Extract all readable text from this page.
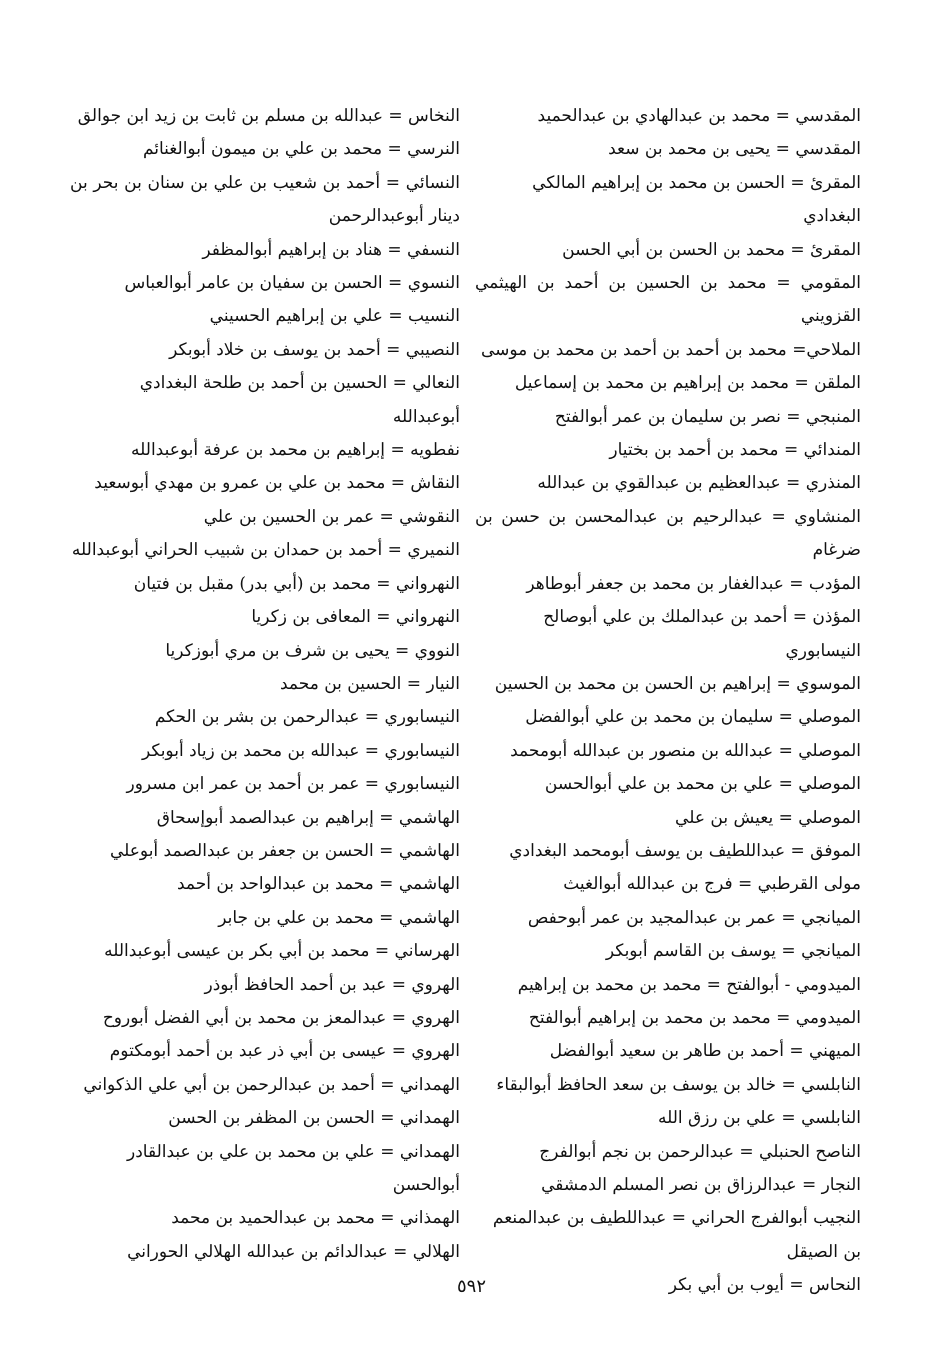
المقدسي = محمد بن عبدالهادي بن عبدالحميد

المقدسي = يحيى بن محمد بن سعد

المقرئ = الحسن بن محمد بن إبراهيم المالكي البغدادي

المقرئ = محمد بن الحسن بن أبي الحسن

المقومي = محمد بن الحسين بن أحمد بن الهيثمي القزويني

الملاحي= محمد بن أحمد بن أحمد بن محمد بن موسى

الملقن = محمد بن إبراهيم بن محمد بن إسماعيل

المنبجي = نصر بن سليمان بن عمر أبوالفتح

المندائي = محمد بن أحمد بن بختيار

المنذري = عبدالعظيم بن عبدالقوي بن عبدالله

المنشاوي = عبدالرحيم بن عبدالمحسن بن حسن بن ضرغام

المؤدب = عبدالغفار بن محمد بن جعفر أبوطاهر

المؤذن = أحمد بن عبدالملك بن علي أبوصالح النيسابوري

الموسوي = إبراهيم بن الحسن بن محمد بن الحسين

الموصلي = سليمان بن محمد بن علي أبوالفضل

الموصلي = عبدالله بن منصور بن عبدالله أبومحمد

الموصلي = علي بن محمد بن علي أبوالحسن

الموصلي = يعيش بن علي

الموفق = عبداللطيف بن يوسف أبومحمد البغدادي

مولى القرطبي = فرج بن عبدالله أبوالغيث

الميانجي = عمر بن عبدالمجيد بن عمر أبوحفص

الميانجي = يوسف بن القاسم أبوبكر

الميدومي - أبوالفتح = محمد بن محمد بن إبراهيم

الميدومي = محمد بن محمد بن إبراهيم أبوالفتح

الميهني = أحمد بن طاهر بن سعيد أبوالفضل

النابلسي = خالد بن يوسف بن سعد الحافظ أبوالبقاء

النابلسي = علي بن رزق الله

الناصح الحنبلي = عبدالرحمن بن نجم أبوالفرج

النجار = عبدالرزاق بن نصر المسلم الدمشقي

النجيب أبوالفرج الحراني = عبداللطيف بن عبدالمنعم بن الصيقل

النحاس = أيوب بن أبي بكر

النخاس = عبدالله بن مسلم بن ثابت بن زيد ابن جوالق

النرسي = محمد بن علي بن ميمون أبوالغنائم

النسائي = أحمد بن شعيب بن علي بن سنان بن بحر بن دينار أبوعبدالرحمن

النسفي = هناد بن إبراهيم أبوالمظفر

النسوي = الحسن بن سفيان بن عامر أبوالعباس

النسيب = علي بن إبراهيم الحسيني

النصيبي = أحمد بن يوسف بن خلاد أبوبكر

النعالي = الحسين بن أحمد بن طلحة البغدادي أبوعبدالله

نفطويه = إبراهيم بن محمد بن عرفة أبوعبدالله

النقاش = محمد بن علي بن عمرو بن مهدي أبوسعيد

النقوشي = عمر بن الحسين بن علي

النميري = أحمد بن حمدان بن شبيب الحراني أبوعبدالله

النهرواني = محمد بن (أبي بدر) مقبل بن فتيان

النهرواني = المعافى بن زكريا

النووي = يحيى بن شرف بن مري أبوزكريا

النيار = الحسين بن محمد

النيسابوري = عبدالرحمن بن بشر بن الحكم

النيسابوري = عبدالله بن محمد بن زياد أبوبكر

النيسابوري = عمر بن أحمد بن عمر ابن مسرور

الهاشمي = إبراهيم بن عبدالصمد أبوإسحاق

الهاشمي = الحسن بن جعفر بن عبدالصمد أبوعلي

الهاشمي = محمد بن عبدالواحد بن أحمد

الهاشمي = محمد بن علي بن جابر

الهرساني = محمد بن أبي بكر بن عيسى أبوعبدالله

الهروي = عبد بن أحمد الحافظ أبوذر

الهروي = عبدالمعز بن محمد بن أبي الفضل أبوروح

الهروي = عيسى بن أبي ذر عبد بن أحمد أبومكتوم

الهمداني = أحمد بن عبدالرحمن بن أبي علي الذكواني

الهمداني = الحسن بن المظفر بن الحسن

الهمداني = علي بن محمد بن علي بن عبدالقادر أبوالحسن

الهمذاني = محمد بن عبدالحميد بن محمد

الهلالي = عبدالدائم بن عبدالله الهلالي الحوراني

٥٩٢
